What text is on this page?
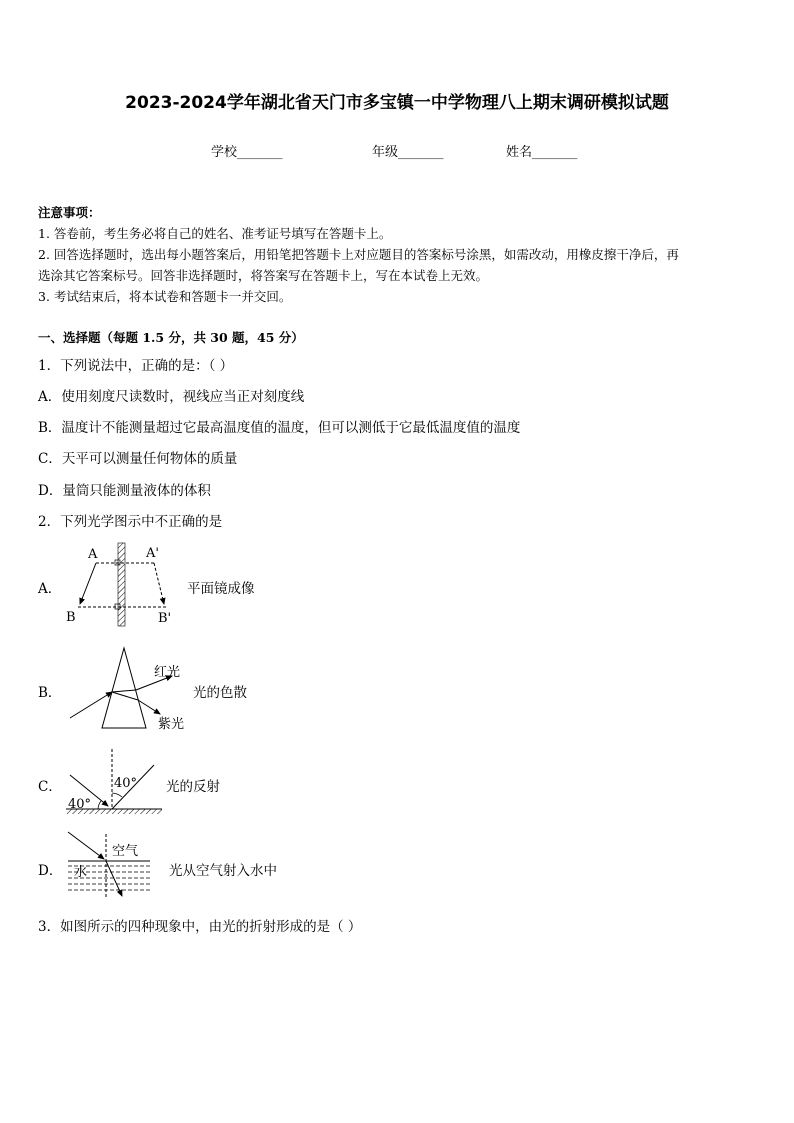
2023-2024学年湖北省天门市多宝镇一中学物理八上期末调研模拟试题
学校_______	年级_______	姓名_______
注意事项：
1. 答卷前，考生务必将自己的姓名、准考证号填写在答题卡上。
2. 回答选择题时，选出每小题答案后，用铅笔把答题卡上对应题目的答案标号涂黑，如需改动，用橡皮擦干净后，再
选涂其它答案标号。回答非选择题时，将答案写在答题卡上，写在本试卷上无效。
3. 考试结束后，将本试卷和答题卡一并交回。
一、选择题（每题 1.5 分，共 30 题，45 分）
1．下列说法中，正确的是：（ ）
A．使用刻度尺读数时，视线应当正对刻度线
B．温度计不能测量超过它最高温度值的温度，但可以测低于它最低温度值的温度
C．天平可以测量任何物体的质量
D．量筒只能测量液体的体积
2．下列光学图示中不正确的是
A．
A	A'
B	B'
平面镜成像
B．
红光
紫光
光的色散
C．	40°
40°
光的反射
D．
空气
水	光从空气射入水中
3．如图所示的四种现象中，由光的折射形成的是（ ）
